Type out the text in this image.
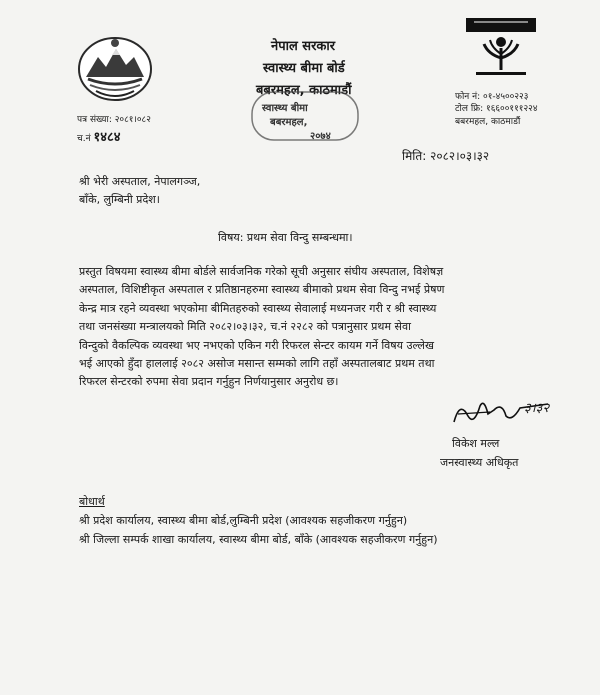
नेपाल सरकार
स्वास्थ्य बीमा बोर्ड
बबरमहल, काठमाडौं
स्वास्थ्य बीमा
बबरमहल,
२०७४
पत्र संख्या: २०८१।०८२
च.नं १४८४
फोन नं: ०१-४५००२२३
टोल फ्रि: १६६००१११२२४
बबरमहल, काठमाडौं
मिति: २०८२।०३।३२
श्री भेरी अस्पताल, नेपालगञ्ज,
बाँके, लुम्बिनी प्रदेश।
विषय: प्रथम सेवा विन्दु सम्बन्धमा।
प्रस्तुत विषयमा स्वास्थ्य बीमा बोर्डले सार्वजनिक गरेको सूची अनुसार संघीय अस्पताल, विशेषज्ञ
अस्पताल, विशिष्टीकृत अस्पताल र प्रतिष्ठानहरुमा स्वास्थ्य बीमाको प्रथम सेवा विन्दु नभई प्रेषण
केन्द्र मात्र रहने व्यवस्था भएकोमा बीमितहरुको स्वास्थ्य सेवालाई मध्यनजर गरी र श्री स्वास्थ्य
तथा जनसंख्या मन्त्रालयको मिति २०८२।०३।३२, च.नं २२८२ को पत्रानुसार प्रथम सेवा
विन्दुको वैकल्पिक व्यवस्था भए नभएको एकिन गरी रिफरल सेन्टर कायम गर्ने विषय उल्लेख
भई आएको हुँदा हाललाई २०८२ असोज मसान्त सम्मको लागि तहाँ अस्पतालबाट प्रथम तथा
रिफरल सेन्टरको रुपमा सेवा प्रदान गर्नुहुन निर्णयानुसार अनुरोध छ।
३।३२
विकेश मल्ल
जनस्वास्थ्य अधिकृत
बोधार्थ
श्री प्रदेश कार्यालय, स्वास्थ्य बीमा बोर्ड,लुम्बिनी प्रदेश (आवश्यक सहजीकरण गर्नुहुन)
श्री जिल्ला सम्पर्क शाखा कार्यालय, स्वास्थ्य बीमा बोर्ड, बाँके (आवश्यक सहजीकरण गर्नुहुन)
